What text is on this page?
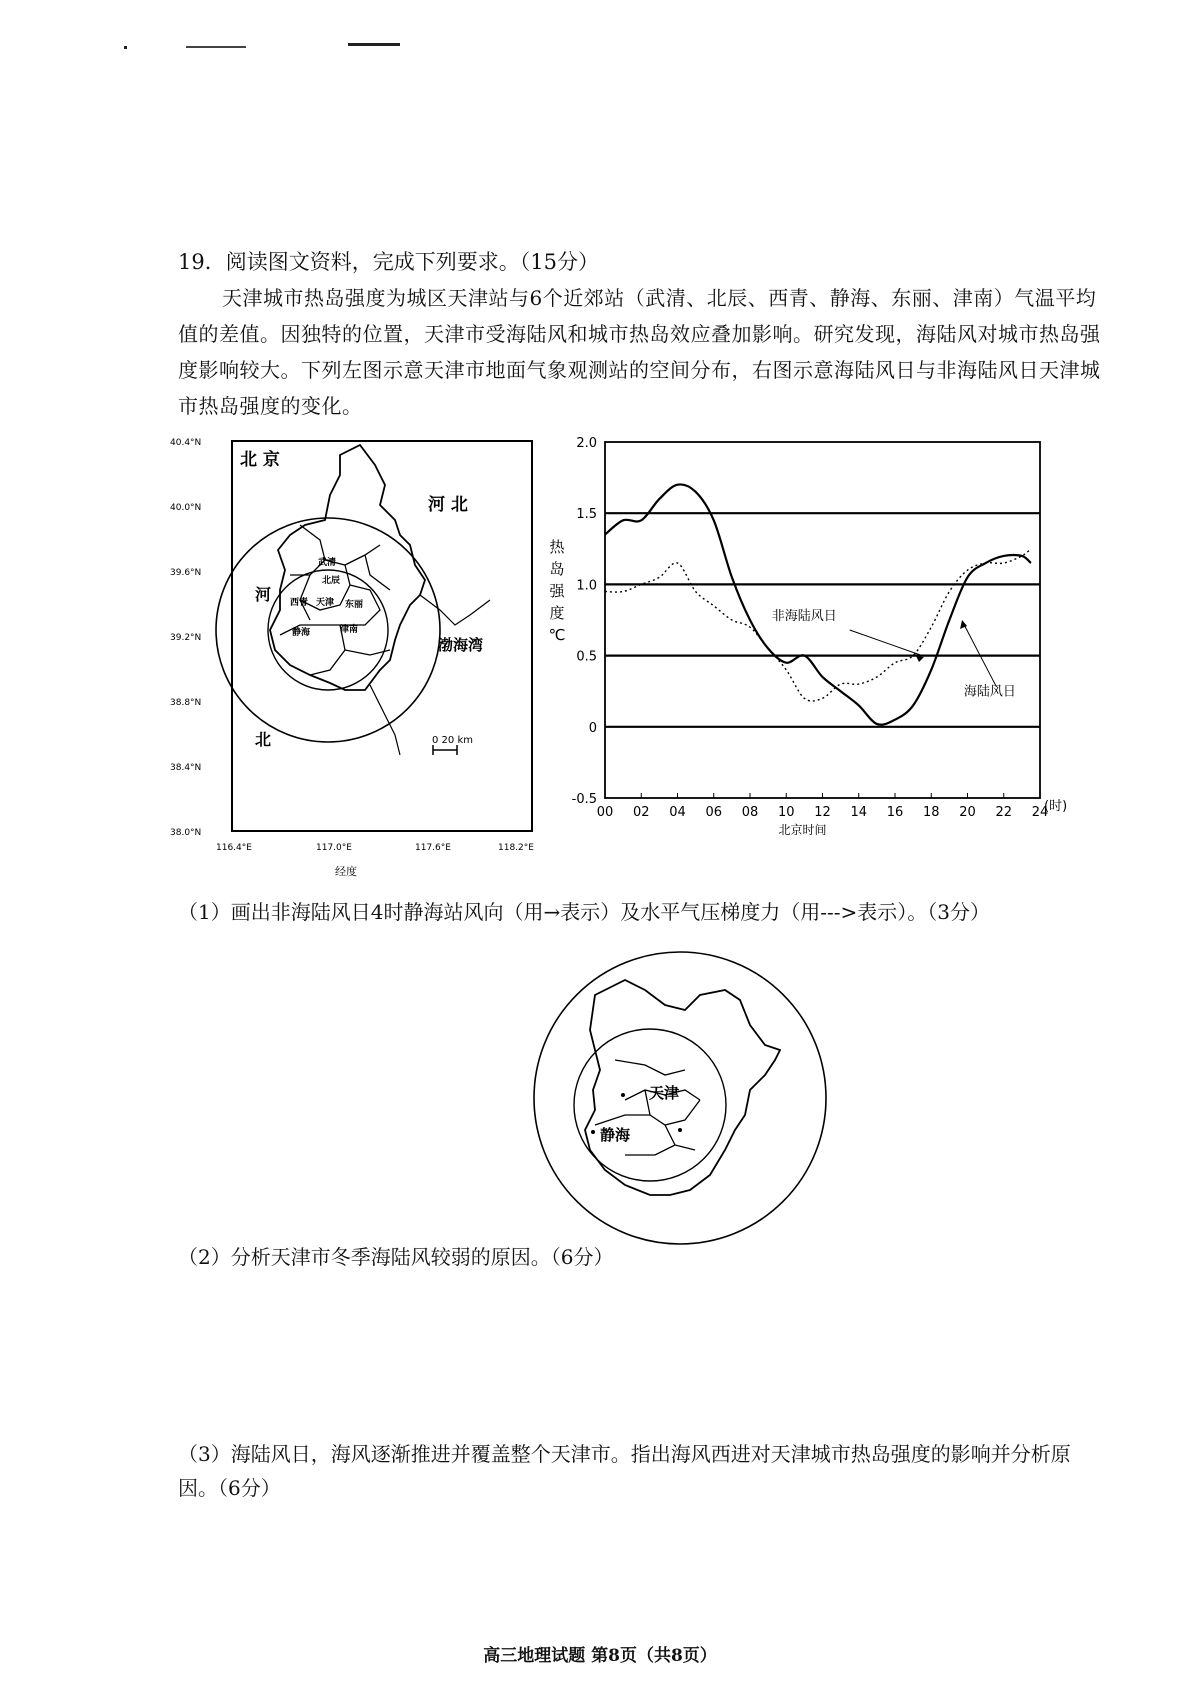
19．阅读图文资料，完成下列要求。（15分）
天津城市热岛强度为城区天津站与6个近郊站（武清、北辰、西青、静海、东丽、津南）气温平均值的差值。因独特的位置，天津市受海陆风和城市热岛效应叠加影响。研究发现，海陆风对城市热岛强度影响较大。下列左图示意天津市地面气象观测站的空间分布，右图示意海陆风日与非海陆风日天津城市热岛强度的变化。
40.4°N
40.0°N
39.6°N
39.2°N
38.8°N
38.4°N
38.0°N
116.4°E	117.0°E	117.6°E	118.2°E
经度
北 京
河 北
河
北
渤海湾
武清
北辰
西青 天津 东丽
静海	津南
0 20 km
2.0
1.5
1.0
0.5
0
-0.5
00 02 04 06 08 10 12 14 16 18 20 22 24
(时)
北京时间
热
岛
强
度
℃
非海陆风日
海陆风日
（1）画出非海陆风日4时静海站风向（用→表示）及水平气压梯度力（用--->表示）。（3分）
天津
静海
（2）分析天津市冬季海陆风较弱的原因。（6分）
（3）海陆风日，海风逐渐推进并覆盖整个天津市。指出海风西进对天津城市热岛强度的影响并分析原因。（6分）
高三地理试题 第8页（共8页）
